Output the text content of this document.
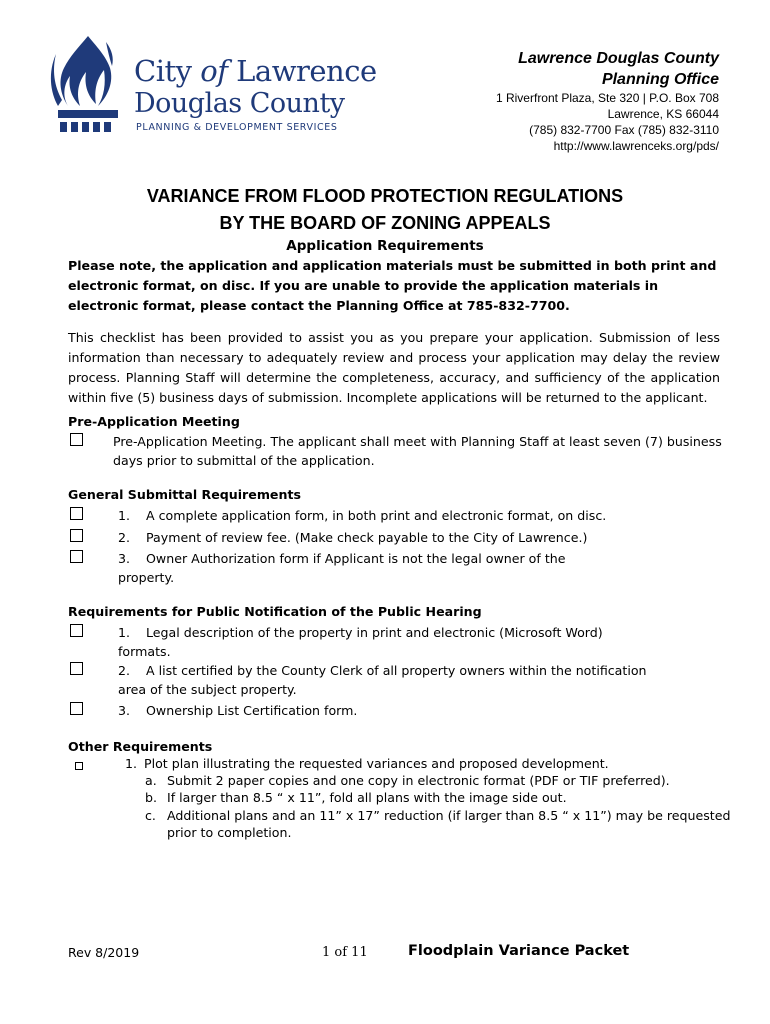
City of Lawrence
Douglas County
PLANNING & DEVELOPMENT SERVICES
Lawrence Douglas County
Planning Office
1 Riverfront Plaza, Ste 320 | P.O. Box 708
Lawrence, KS 66044
(785) 832-7700 Fax (785) 832-3110
http://www.lawrenceks.org/pds/
VARIANCE FROM FLOOD PROTECTION REGULATIONS
BY THE BOARD OF ZONING APPEALS
Application Requirements
Please note, the application and application materials must be submitted in both print and electronic format, on disc. If you are unable to provide the application materials in electronic format, please contact the Planning Office at 785-832-7700.
This checklist has been provided to assist you as you prepare your application. Submission of less information than necessary to adequately review and process your application may delay the review process. Planning Staff will determine the completeness, accuracy, and sufficiency of the application within five (5) business days of submission. Incomplete applications will be returned to the applicant.
Pre-Application Meeting
Pre-Application Meeting. The applicant shall meet with Planning Staff at least seven (7) business
days prior to submittal of the application.
General Submittal Requirements
1. A complete application form, in both print and electronic format, on disc.
2. Payment of review fee. (Make check payable to the City of Lawrence.)
3. Owner Authorization form if Applicant is not the legal owner of the
property.
Requirements for Public Notification of the Public Hearing
1. Legal description of the property in print and electronic (Microsoft Word)
formats.
2. A list certified by the County Clerk of all property owners within the notification
area of the subject property.
3. Ownership List Certification form.
Other Requirements
1. Plot plan illustrating the requested variances and proposed development.
a. Submit 2 paper copies and one copy in electronic format (PDF or TIF preferred).
b. If larger than 8.5 “ x 11”, fold all plans with the image side out.
c. Additional plans and an 11” x 17” reduction (if larger than 8.5 “ x 11”) may be requested
prior to completion.
Rev 8/2019	1 of 11	Floodplain Variance Packet
